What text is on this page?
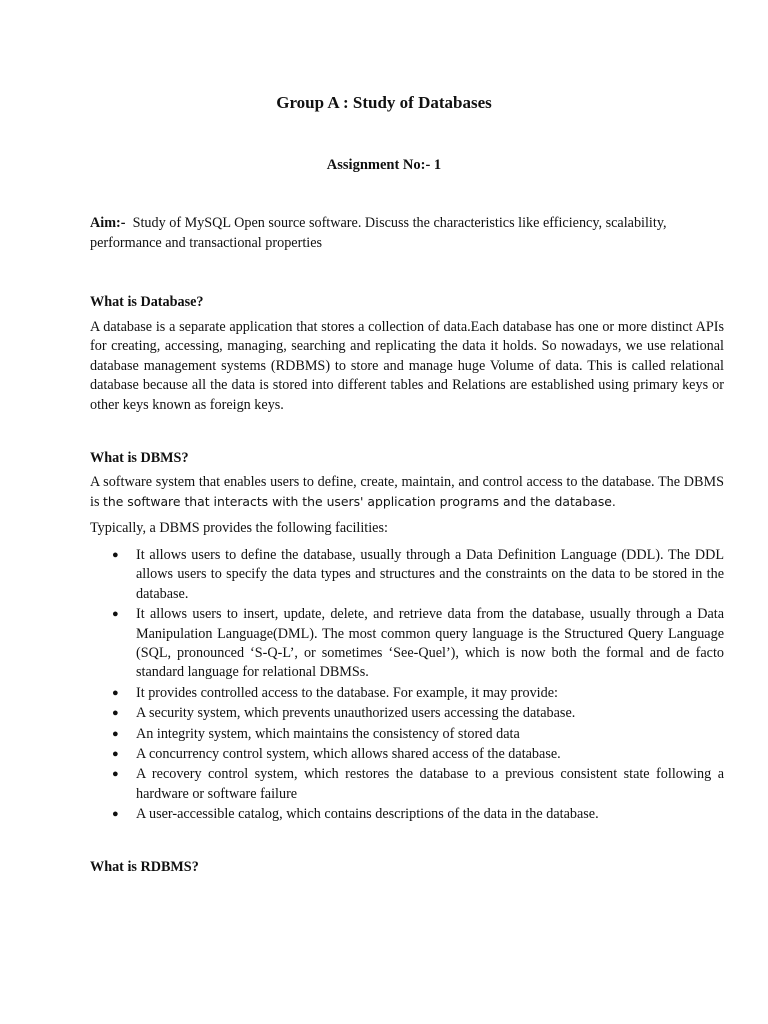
Group A : Study of Databases
Assignment No:- 1

Aim:- Study of MySQL Open source software. Discuss the characteristics like efficiency, scalability, performance and transactional properties

What is Database?

A database is a separate application that stores a collection of data.Each database has one or more distinct APIs for creating, accessing, managing, searching and replicating the data it holds. So nowadays, we use relational database management systems (RDBMS) to store and manage huge Volume of data. This is called relational database because all the data is stored into different tables and Relations are established using primary keys or other keys known as foreign keys.

What is DBMS?

A software system that enables users to define, create, maintain, and control access to the database. The DBMS is the software that interacts with the users' application programs and the database.

Typically, a DBMS provides the following facilities:

● It allows users to define the database, usually through a Data Definition Language (DDL). The DDL allows users to specify the data types and structures and the constraints on the data to be stored in the database.
● It allows users to insert, update, delete, and retrieve data from the database, usually through a Data Manipulation Language(DML). The most common query language is the Structured Query Language (SQL, pronounced ‘S-Q-L’, or sometimes ‘See-Quel’), which is now both the formal and de facto standard language for relational DBMSs.
● It provides controlled access to the database. For example, it may provide:
● A security system, which prevents unauthorized users accessing the database.
● An integrity system, which maintains the consistency of stored data
● A concurrency control system, which allows shared access of the database.
● A recovery control system, which restores the database to a previous consistent state following a hardware or software failure
● A user-accessible catalog, which contains descriptions of the data in the database.
What is RDBMS?
